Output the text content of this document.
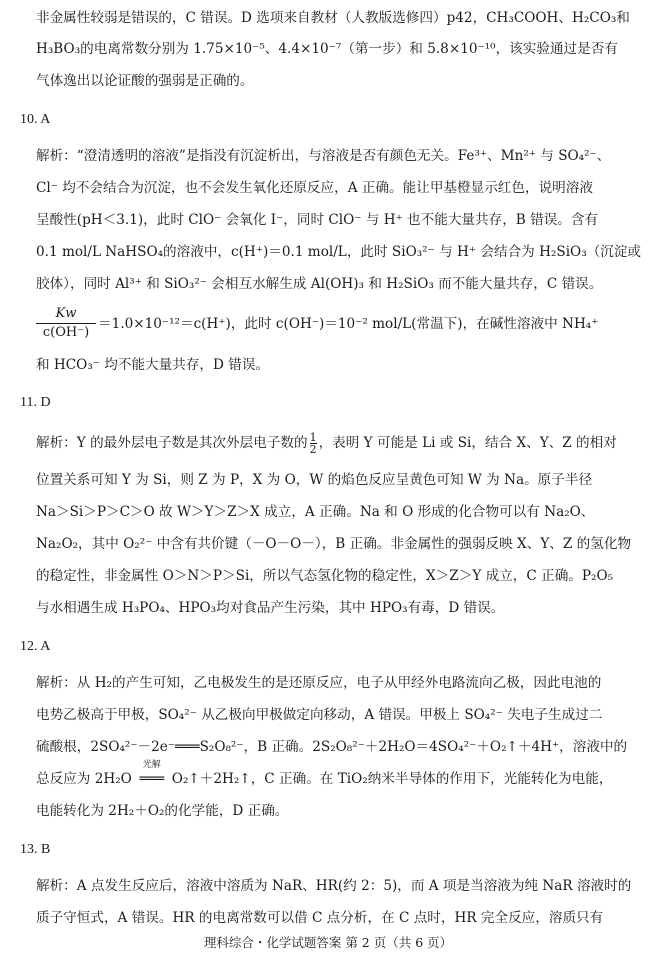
非金属性较弱是错误的，C 错误。D 选项来自教材（人教版选修四）p42，CH₃COOH、H₂CO₃和
H₃BO₃的电离常数分别为 1.75×10⁻⁵、4.4×10⁻⁷（第一步）和 5.8×10⁻¹⁰，该实验通过是否有
气体逸出以论证酸的强弱是正确的。
10. A
解析：“澄清透明的溶液”是指没有沉淀析出，与溶液是否有颜色无关。Fe³⁺、Mn²⁺ 与 SO₄²⁻、
Cl⁻ 均不会结合为沉淀，也不会发生氧化还原反应，A 正确。能让甲基橙显示红色，说明溶液
呈酸性(pH＜3.1)，此时 ClO⁻ 会氧化 I⁻，同时 ClO⁻ 与 H⁺ 也不能大量共存，B 错误。含有
0.1 mol/L NaHSO₄的溶液中，c(H⁺)＝0.1 mol/L，此时 SiO₃²⁻ 与 H⁺ 会结合为 H₂SiO₃（沉淀或
胶体），同时 Al³⁺ 和 SiO₃²⁻ 会相互水解生成 Al(OH)₃ 和 H₂SiO₃ 而不能大量共存，C 错误。
$\frac{Kw}{c(OH^-)} =1.0\times 10^{-12}=c(H^+)$，此时 c(OH⁻)＝10⁻² mol/L(常温下)，在碱性溶液中 NH₄⁺
和 HCO₃⁻ 均不能大量共存，D 错误。
11. D
解析：Y 的最外层电子数是其次外层电子数的 $\frac{1}{2}$ ，表明 Y 可能是 Li 或 Si，结合 X、Y、Z 的相对
位置关系可知 Y 为 Si，则 Z 为 P，X 为 O，W 的焰色反应呈黄色可知 W 为 Na。原子半径
Na＞Si＞P＞C＞O 故 W＞Y＞Z＞X 成立，A 正确。Na 和 O 形成的化合物可以有 Na₂O、
Na₂O₂，其中 O₂²⁻ 中含有共价键（－O－O－），B 正确。非金属性的强弱反映 X、Y、Z 的氢化物
的稳定性，非金属性 O＞N＞P＞Si，所以气态氢化物的稳定性，X＞Z＞Y 成立，C 正确。P₂O₅
与水相遇生成 H₃PO₄、HPO₃均对食品产生污染，其中 HPO₃有毒，D 错误。
12. A
解析：从 H₂的产生可知，乙电极发生的是还原反应，电子从甲经外电路流向乙极，因此电池的
电势乙极高于甲极，SO₄²⁻ 从乙极向甲极做定向移动，A 错误。甲极上 SO₄²⁻ 失电子生成过二
硫酸根，2SO₄²⁻－2e⁻═══S₂O₈²⁻，B 正确。2S₂O₈²⁻＋2H₂O＝4SO₄²⁻＋O₂↑＋4H⁺，溶液中的
总反应为 2H₂O
光解
═══ O₂↑＋2H₂↑，C 正确。在 TiO₂纳米半导体的作用下，光能转化为电能，
电能转化为 2H₂＋O₂的化学能，D 正确。
13. B
解析：A 点发生反应后，溶液中溶质为 NaR、HR(约 2：5)，而 A 项是当溶液为纯 NaR 溶液时的
质子守恒式，A 错误。HR 的电离常数可以借 C 点分析，在 C 点时，HR 完全反应，溶质只有
理科综合・化学试题答案 第 2 页（共 6 页）
